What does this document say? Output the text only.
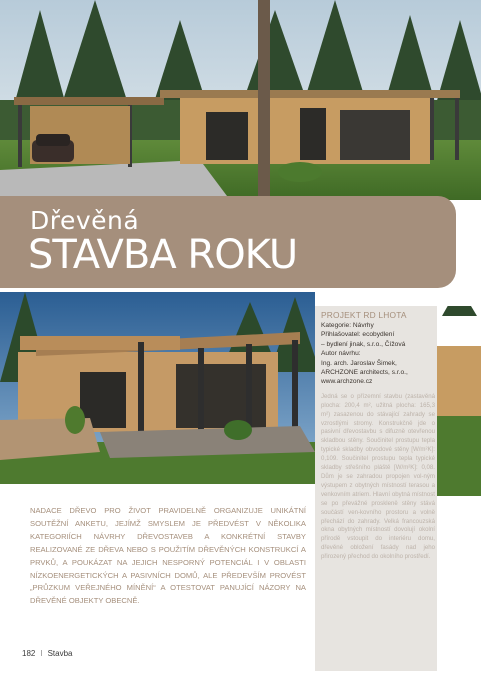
Dřevěná
STAVBA ROKU
PROJEKT RD LHOTA
Kategorie: Návrhy
Přihlašovatel: ecobydlení
– bydlení jinak, s.r.o., Čížová
Autor návrhu:
Ing. arch. Jaroslav Šimek,
ARCHZONE architects, s.r.o.,
www.archzone.cz
Jedná se o přízemní stavbu (zastavěná plocha: 200,4 m², užitná plocha: 165,3 m²) zasazenou do stávající zahrady se vzrostlými stromy. Konstrukčně jde o pasivní dřevostavbu s difuzně otevřenou skladbou stěny. Součinitel prostupu tepla typické skladby obvodové stěny [W/m²K]: 0,109. Součinitel prostupu tepla typické skladby střešního pláště [W/m²K]: 0,08. Dům je se zahradou propojen vol-ným výstupem z obytných místností terasou a venkovním atriem. Hlavní obytná místnost se po převážné proskleně stěny stává součástí ven-kovního prostoru a volně přechází do zahrady. Velká francouzská okna obytných místností dovolují okolní přírodě vstoupit do interiéru domu, dřevěné obložení fasády nad jeho přirozený přechod do okolního prostředí.
NADACE DŘEVO PRO ŽIVOT PRAVIDELNĚ ORGANIZUJE UNIKÁTNÍ SOUTĚŽNÍ ANKETU, JEJÍMŽ SMYSLEM JE PŘEDVÉST V NĚKOLIKA KATEGORIÍCH NÁVRHY DŘEVOSTAVEB A KONKRÉTNÍ STAVBY REALIZOVANÉ ZE DŘEVA NEBO S POUŽITÍM DŘEVĚNÝCH KONSTRUKCÍ A PRVKŮ, A POUKÁZAT NA JEJICH NESPORNÝ POTENCIÁL I V OBLASTI NÍZKOENERGETICKÝCH A PASIVNÍCH DOMŮ, ALE PŘEDEVŠÍM PROVÉST „PRŮZKUM VEŘEJNÉHO MÍNĚNÍ“ A OTESTOVAT PANUJÍCÍ NÁZORY NA DŘEVĚNÉ OBJEKTY OBECNĚ.
182 I Stavba
